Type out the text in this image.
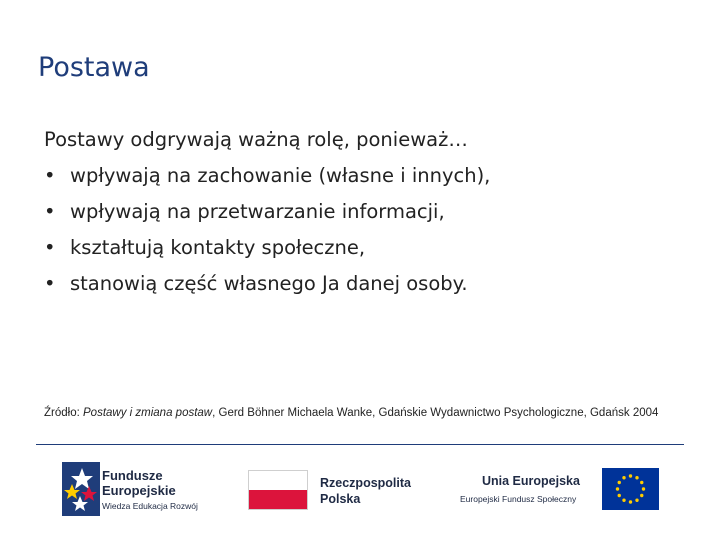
Postawa
Postawy odgrywają ważną rolę, ponieważ…
• wpływają na zachowanie (własne i innych),
• wpływają na przetwarzanie informacji,
• kształtują kontakty społeczne,
• stanowią część własnego Ja danej osoby.
Źródło: Postawy i zmiana postaw, Gerd Böhner Michaela Wanke, Gdańskie Wydawnictwo Psychologiczne, Gdańsk 2004
Fundusze
Europejskie
Wiedza Edukacja Rozwój
Rzeczpospolita
Polska
Unia Europejska
Europejski Fundusz Społeczny
